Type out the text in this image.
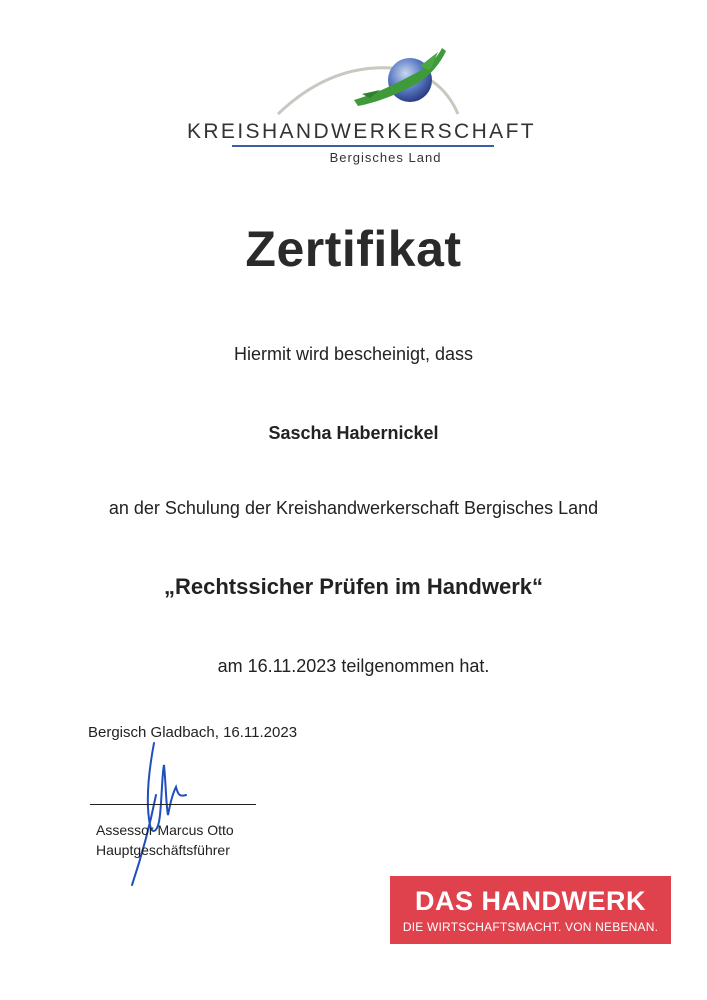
KREISHANDWERKERSCHAFT

Bergisches Land
Zertifikat
Hiermit wird bescheinigt, dass
Sascha Habernickel
an der Schulung der Kreishandwerkerschaft Bergisches Land
„Rechtssicher Prüfen im Handwerk“
am 16.11.2023 teilgenommen hat.
Bergisch Gladbach, 16.11.2023
Assessor Marcus Otto
Hauptgeschäftsführer
DAS HANDWERK
DIE WIRTSCHAFTSMACHT. VON NEBENAN.
